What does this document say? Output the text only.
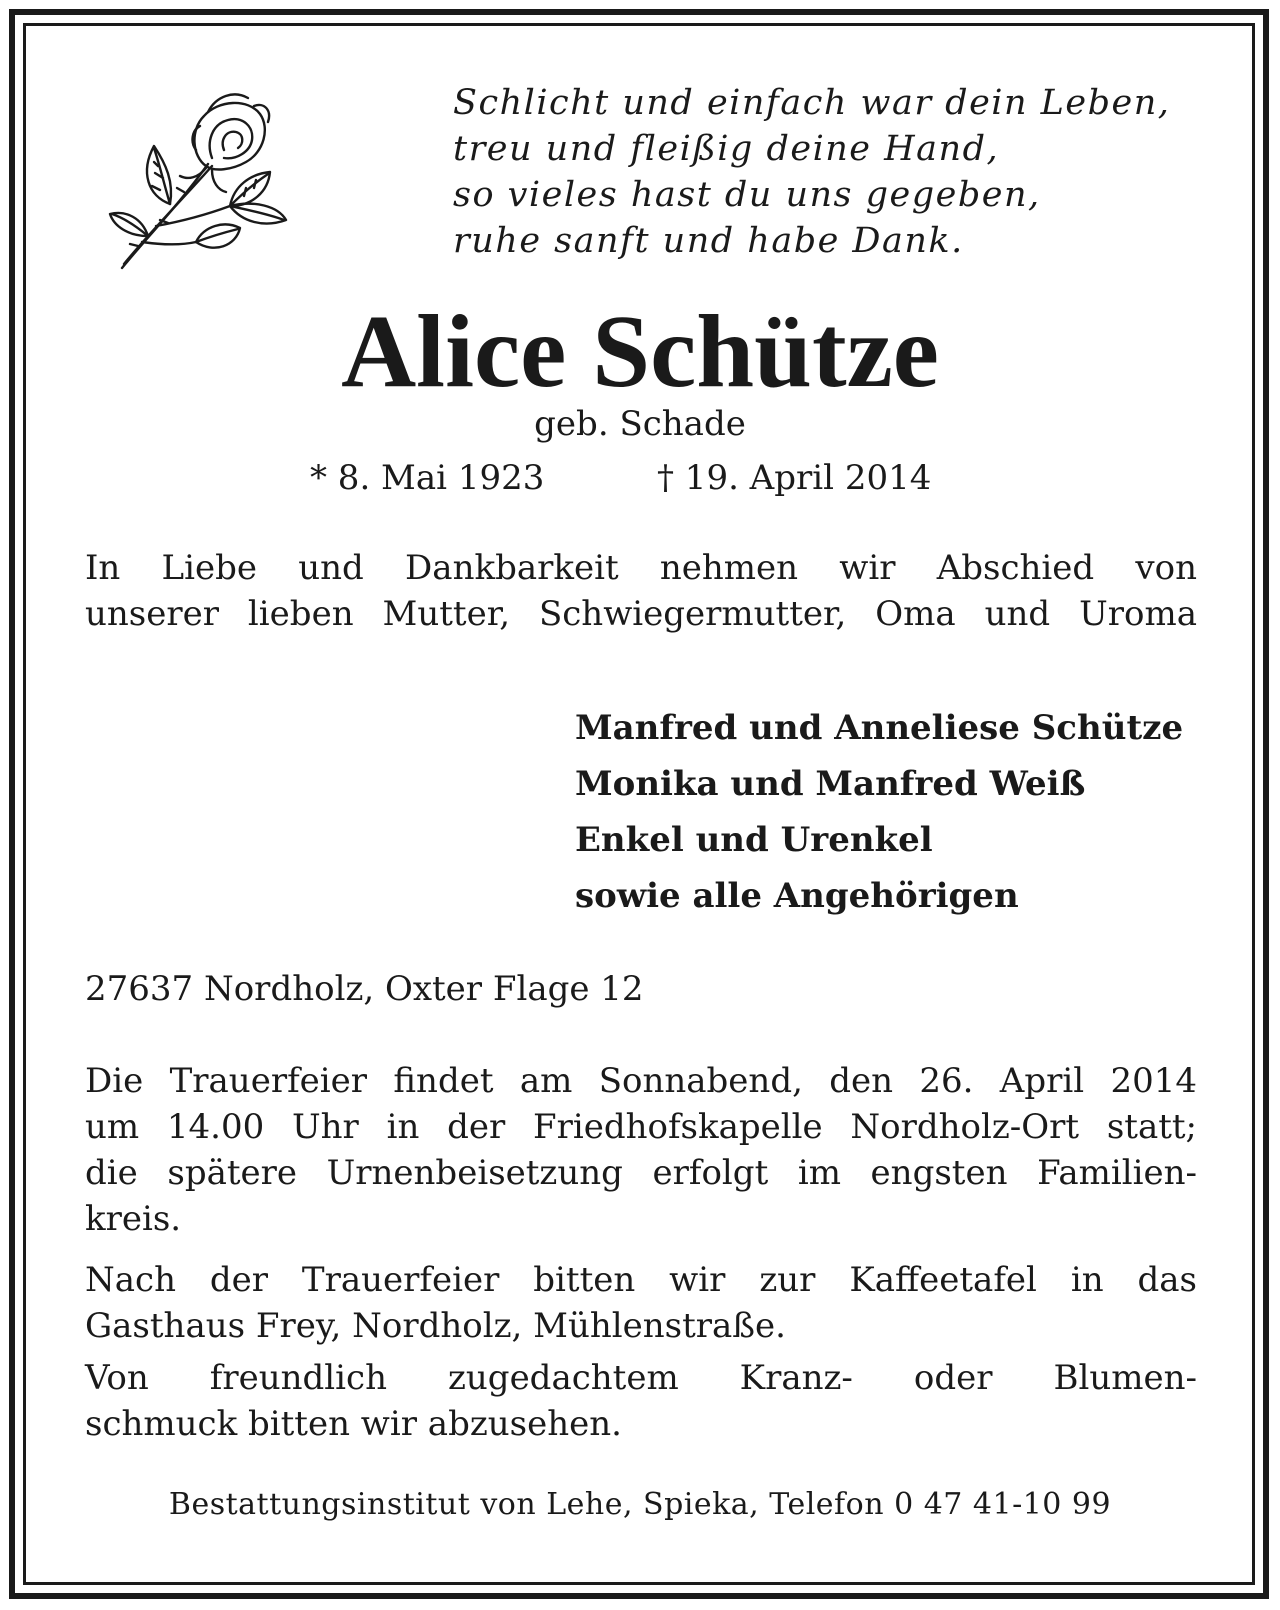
Schlicht und einfach war dein Leben,
treu und fleißig deine Hand,
so vieles hast du uns gegeben,
ruhe sanft und habe Dank.
Alice Schütze
geb. Schade
* 8. Mai 1923	† 19. April 2014
In Liebe und Dankbarkeit nehmen wir Abschied von
unserer lieben Mutter, Schwiegermutter, Oma und Uroma
Manfred und Anneliese Schütze
Monika und Manfred Weiß
Enkel und Urenkel
sowie alle Angehörigen
27637 Nordholz, Oxter Flage 12
Die Trauerfeier findet am Sonnabend, den 26. April 2014
um 14.00 Uhr in der Friedhofskapelle Nordholz-Ort statt;
die spätere Urnenbeisetzung erfolgt im engsten Familien-
kreis.
Nach der Trauerfeier bitten wir zur Kaffeetafel in das
Gasthaus Frey, Nordholz, Mühlenstraße.
Von freundlich zugedachtem Kranz- oder Blumen-
schmuck bitten wir abzusehen.
Bestattungsinstitut von Lehe, Spieka, Telefon 0 47 41-10 99
